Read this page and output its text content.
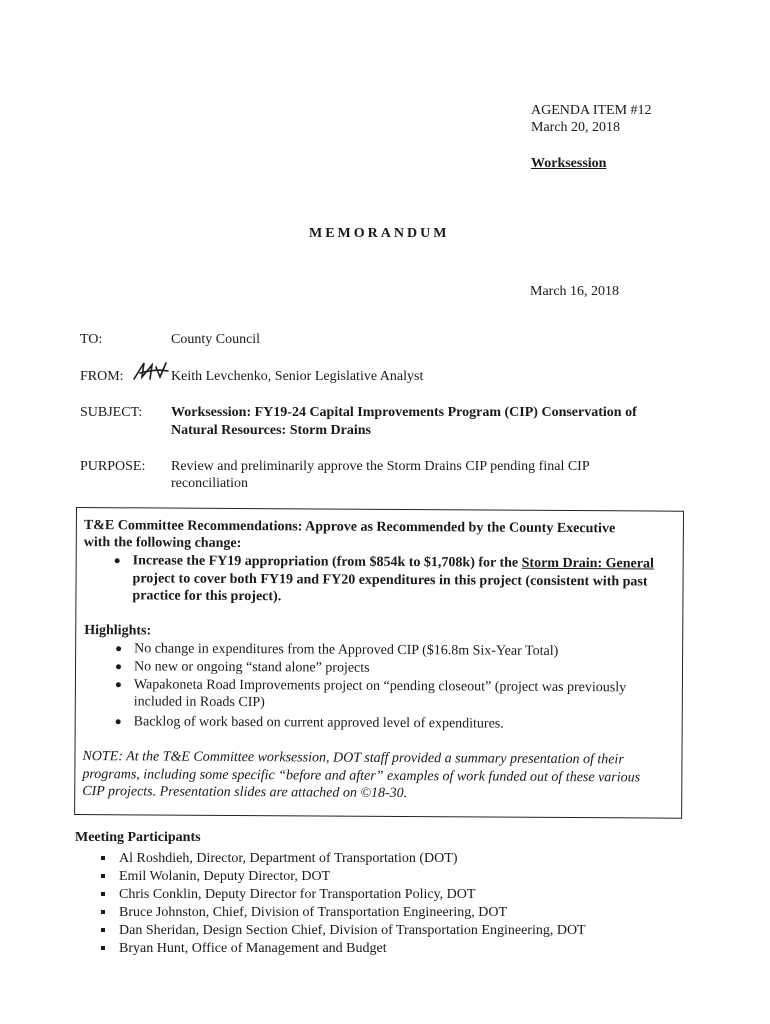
AGENDA ITEM #12
March 20, 2018
Worksession
MEMORANDUM
March 16, 2018
TO:	County Council
FROM:	Keith Levchenko, Senior Legislative Analyst
SUBJECT: Worksession: FY19-24 Capital Improvements Program (CIP) Conservation of
Natural Resources: Storm Drains
PURPOSE: Review and preliminarily approve the Storm Drains CIP pending final CIP
reconciliation
T&E Committee Recommendations: Approve as Recommended by the County Executive
with the following change:
Increase the FY19 appropriation (from $854k to $1,708k) for the Storm Drain: General
project to cover both FY19 and FY20 expenditures in this project (consistent with past
practice for this project).
Highlights:
No change in expenditures from the Approved CIP ($16.8m Six-Year Total)
No new or ongoing “stand alone” projects
Wapakoneta Road Improvements project on “pending closeout” (project was previously
included in Roads CIP)
Backlog of work based on current approved level of expenditures.
NOTE: At the T&E Committee worksession, DOT staff provided a summary presentation of their
programs, including some specific “before and after” examples of work funded out of these various
CIP projects. Presentation slides are attached on ©18-30.
Meeting Participants
Al Roshdieh, Director, Department of Transportation (DOT)
Emil Wolanin, Deputy Director, DOT
Chris Conklin, Deputy Director for Transportation Policy, DOT
Bruce Johnston, Chief, Division of Transportation Engineering, DOT
Dan Sheridan, Design Section Chief, Division of Transportation Engineering, DOT
Bryan Hunt, Office of Management and Budget
